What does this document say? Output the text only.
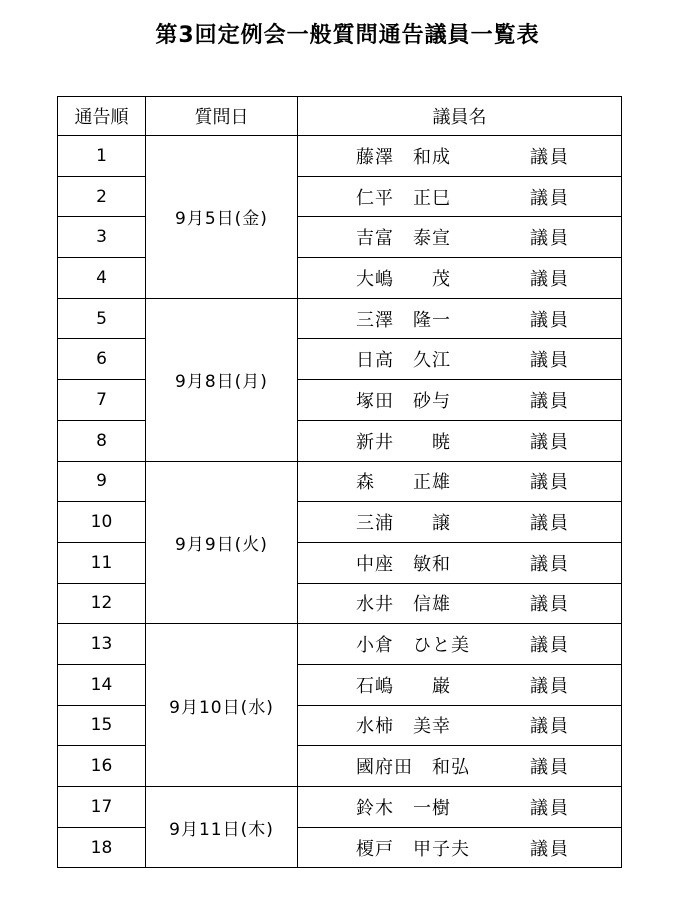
第3回定例会一般質問通告議員一覧表
通告順	質問日	議員名
1	9月5日(金)	藤澤　和成 議員

2		仁平　正巳 議員

3		吉富　泰宣 議員

4		大嶋　　茂 議員

5	9月8日(月)	三澤　隆一 議員

6		日高　久江 議員

7		塚田　砂与 議員

8		新井　　暁 議員

9	9月9日(火)	森　　正雄 議員

10		三浦　　譲 議員

11		中座　敏和 議員

12		水井　信雄 議員

13	9月10日(水)	小倉　ひと美 議員

14		石嶋　　巌 議員

15		水柿　美幸 議員

16		國府田　和弘 議員

17	9月11日(木)	鈴木　一樹 議員

18		榎戸　甲子夫 議員
